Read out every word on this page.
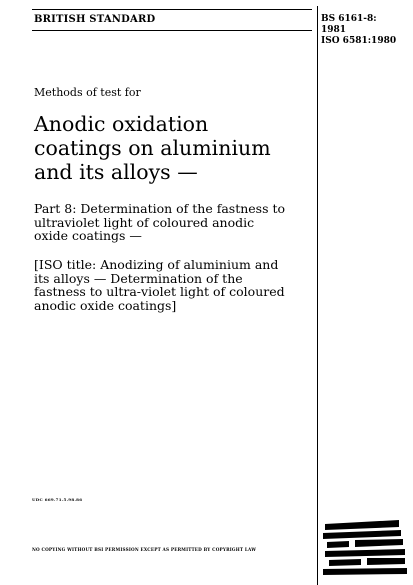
BRITISH STANDARD	BS 6161-8:
1981
ISO 6581:1980
Methods of test for
Anodic oxidation
coatings on aluminium
and its alloys —
Part 8: Determination of the fastness to
ultraviolet light of coloured anodic
oxide coatings —
[ISO title: Anodizing of aluminium and
its alloys — Determination of the
fastness to ultra-violet light of coloured
anodic oxide coatings]
UDC 669.71.5.98.86
NO COPYING WITHOUT BSI PERMISSION EXCEPT AS PERMITTED BY COPYRIGHT LAW
